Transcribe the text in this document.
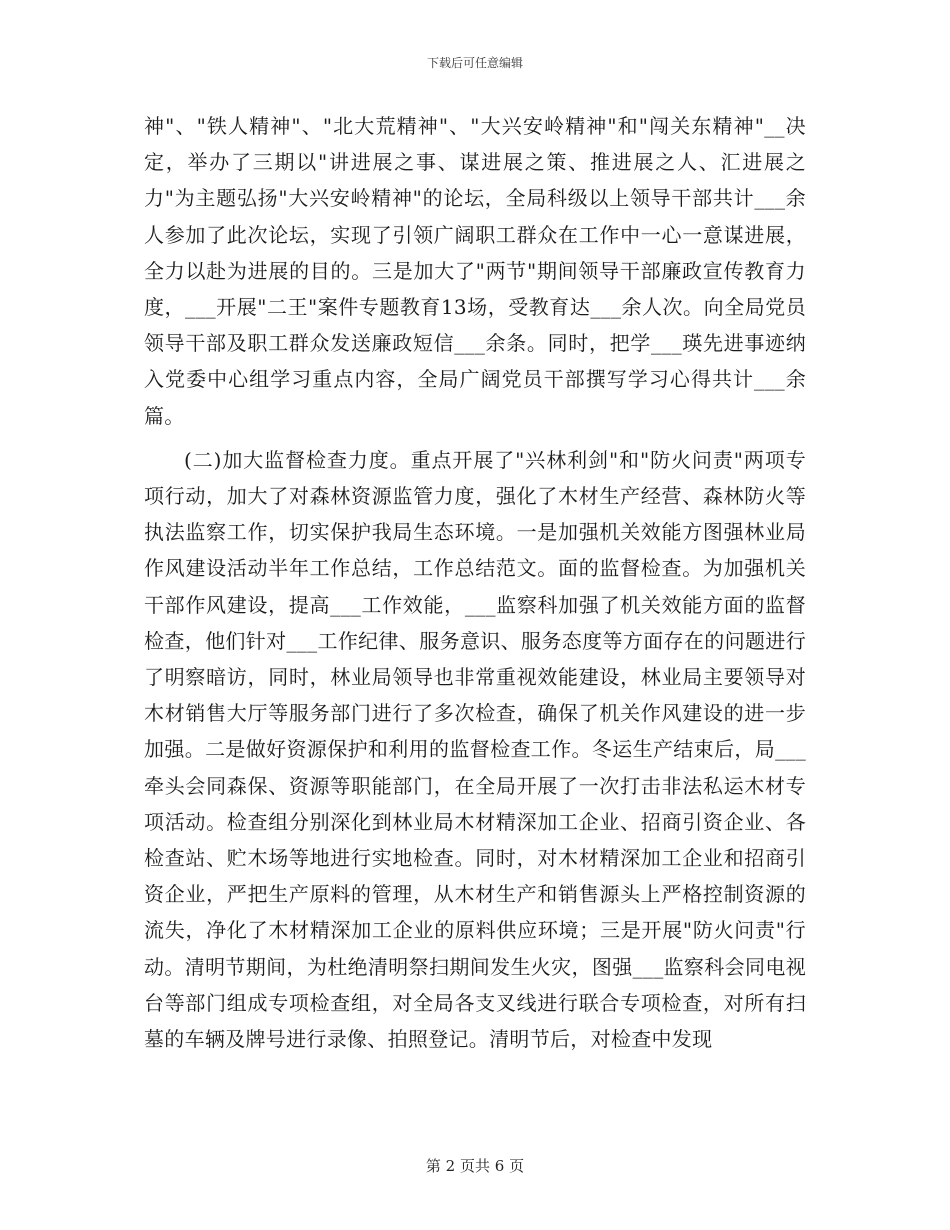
下载后可任意编辑

神"、"铁人精神"、"北大荒精神"、"大兴安岭精神"和"闯关东精神"__决定，举办了三期以"讲进展之事、谋进展之策、推进展之人、汇进展之力"为主题弘扬"大兴安岭精神"的论坛，全局科级以上领导干部共计___余人参加了此次论坛，实现了引领广阔职工群众在工作中一心一意谋进展，全力以赴为进展的目的。三是加大了"两节"期间领导干部廉政宣传教育力度，___开展"二王"案件专题教育13场，受教育达___余人次。向全局党员领导干部及职工群众发送廉政短信___余条。同时，把学___瑛先进事迹纳入党委中心组学习重点内容，全局广阔党员干部撰写学习心得共计___余篇。

(二)加大监督检查力度。重点开展了"兴林利剑"和"防火问责"两项专项行动，加大了对森林资源监管力度，强化了木材生产经营、森林防火等执法监察工作，切实保护我局生态环境。一是加强机关效能方图强林业局作风建设活动半年工作总结，工作总结范文。面的监督检查。为加强机关干部作风建设，提高___工作效能，___监察科加强了机关效能方面的监督检查，他们针对___工作纪律、服务意识、服务态度等方面存在的问题进行了明察暗访，同时，林业局领导也非常重视效能建设，林业局主要领导对木材销售大厅等服务部门进行了多次检查，确保了机关作风建设的进一步加强。二是做好资源保护和利用的监督检查工作。冬运生产结束后，局___牵头会同森保、资源等职能部门，在全局开展了一次打击非法私运木材专项活动。检查组分别深化到林业局木材精深加工企业、招商引资企业、各检查站、贮木场等地进行实地检查。同时，对木材精深加工企业和招商引资企业，严把生产原料的管理，从木材生产和销售源头上严格控制资源的流失，净化了木材精深加工企业的原料供应环境；三是开展"防火问责"行动。清明节期间，为杜绝清明祭扫期间发生火灾，图强___监察科会同电视台等部门组成专项检查组，对全局各支叉线进行联合专项检查，对所有扫墓的车辆及牌号进行录像、拍照登记。清明节后，对检查中发现

第 2 页共 6 页
